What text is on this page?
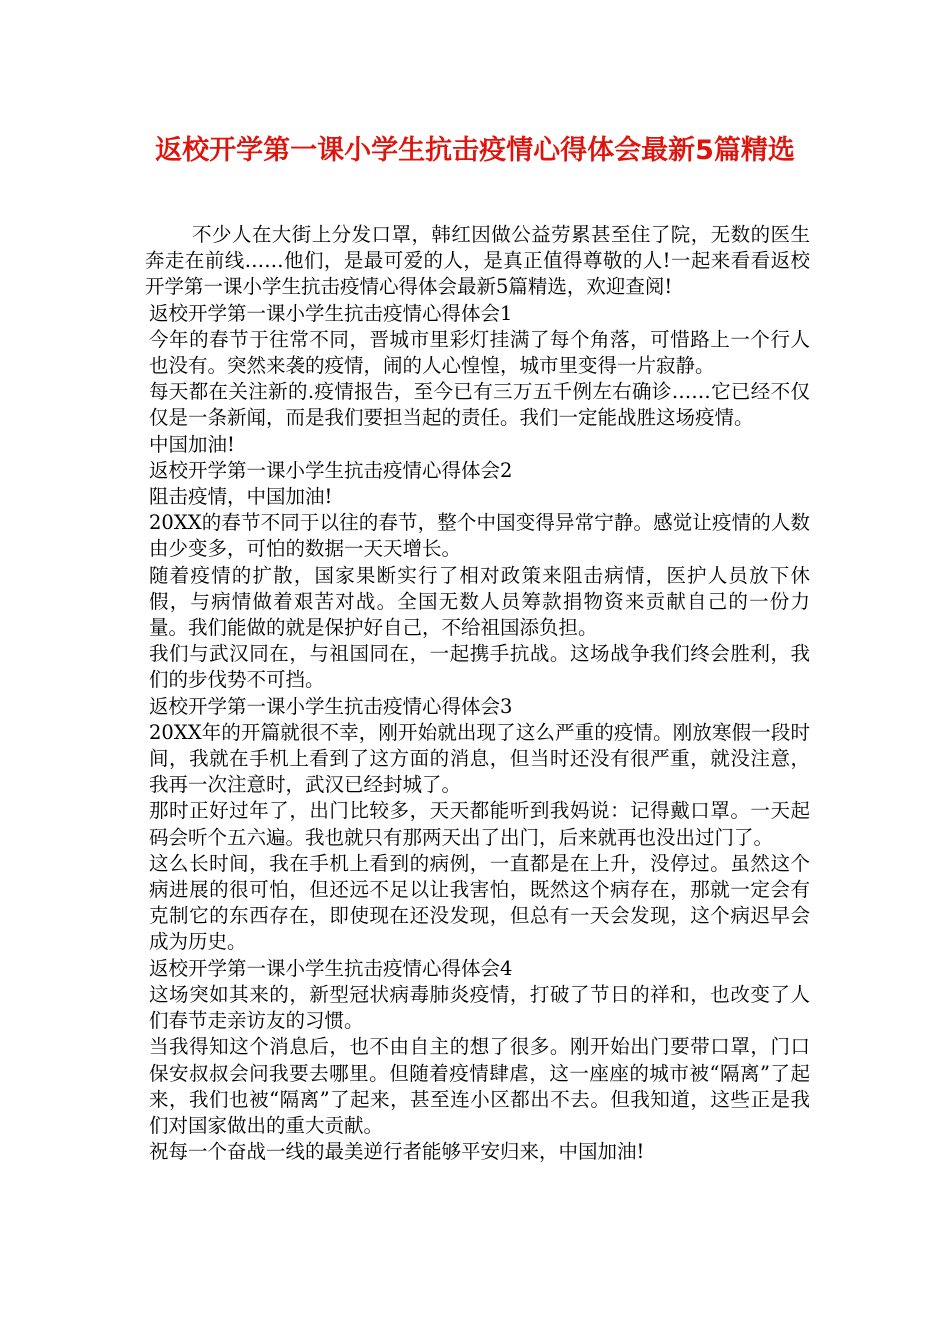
返校开学第一课小学生抗击疫情心得体会最新5篇精选

不少人在大街上分发口罩，韩红因做公益劳累甚至住了院，无数的医生奔走在前线……他们，是最可爱的人，是真正值得尊敬的人!一起来看看返校开学第一课小学生抗击疫情心得体会最新5篇精选，欢迎查阅!

返校开学第一课小学生抗击疫情心得体会1

今年的春节于往常不同，晋城市里彩灯挂满了每个角落，可惜路上一个行人也没有。突然来袭的疫情，闹的人心惶惶，城市里变得一片寂静。

每天都在关注新的.疫情报告，至今已有三万五千例左右确诊……它已经不仅仅是一条新闻，而是我们要担当起的责任。我们一定能战胜这场疫情。

中国加油!

返校开学第一课小学生抗击疫情心得体会2

阻击疫情，中国加油!

20XX的春节不同于以往的春节，整个中国变得异常宁静。感觉让疫情的人数由少变多，可怕的数据一天天增长。

随着疫情的扩散，国家果断实行了相对政策来阻击病情，医护人员放下休假，与病情做着艰苦对战。全国无数人员筹款捐物资来贡献自己的一份力量。我们能做的就是保护好自己，不给祖国添负担。

我们与武汉同在，与祖国同在，一起携手抗战。这场战争我们终会胜利，我们的步伐势不可挡。

返校开学第一课小学生抗击疫情心得体会3

20XX年的开篇就很不幸，刚开始就出现了这么严重的疫情。刚放寒假一段时间，我就在手机上看到了这方面的消息，但当时还没有很严重，就没注意，我再一次注意时，武汉已经封城了。

那时正好过年了，出门比较多，天天都能听到我妈说：记得戴口罩。一天起码会听个五六遍。我也就只有那两天出了出门，后来就再也没出过门了。

这么长时间，我在手机上看到的病例，一直都是在上升，没停过。虽然这个病进展的很可怕，但还远不足以让我害怕，既然这个病存在，那就一定会有克制它的东西存在，即使现在还没发现，但总有一天会发现，这个病迟早会成为历史。

返校开学第一课小学生抗击疫情心得体会4

这场突如其来的，新型冠状病毒肺炎疫情，打破了节日的祥和，也改变了人们春节走亲访友的习惯。

当我得知这个消息后，也不由自主的想了很多。刚开始出门要带口罩，门口保安叔叔会问我要去哪里。但随着疫情肆虐，这一座座的城市被“隔离”了起来，我们也被“隔离”了起来，甚至连小区都出不去。但我知道，这些正是我们对国家做出的重大贡献。

祝每一个奋战一线的最美逆行者能够平安归来，中国加油!
